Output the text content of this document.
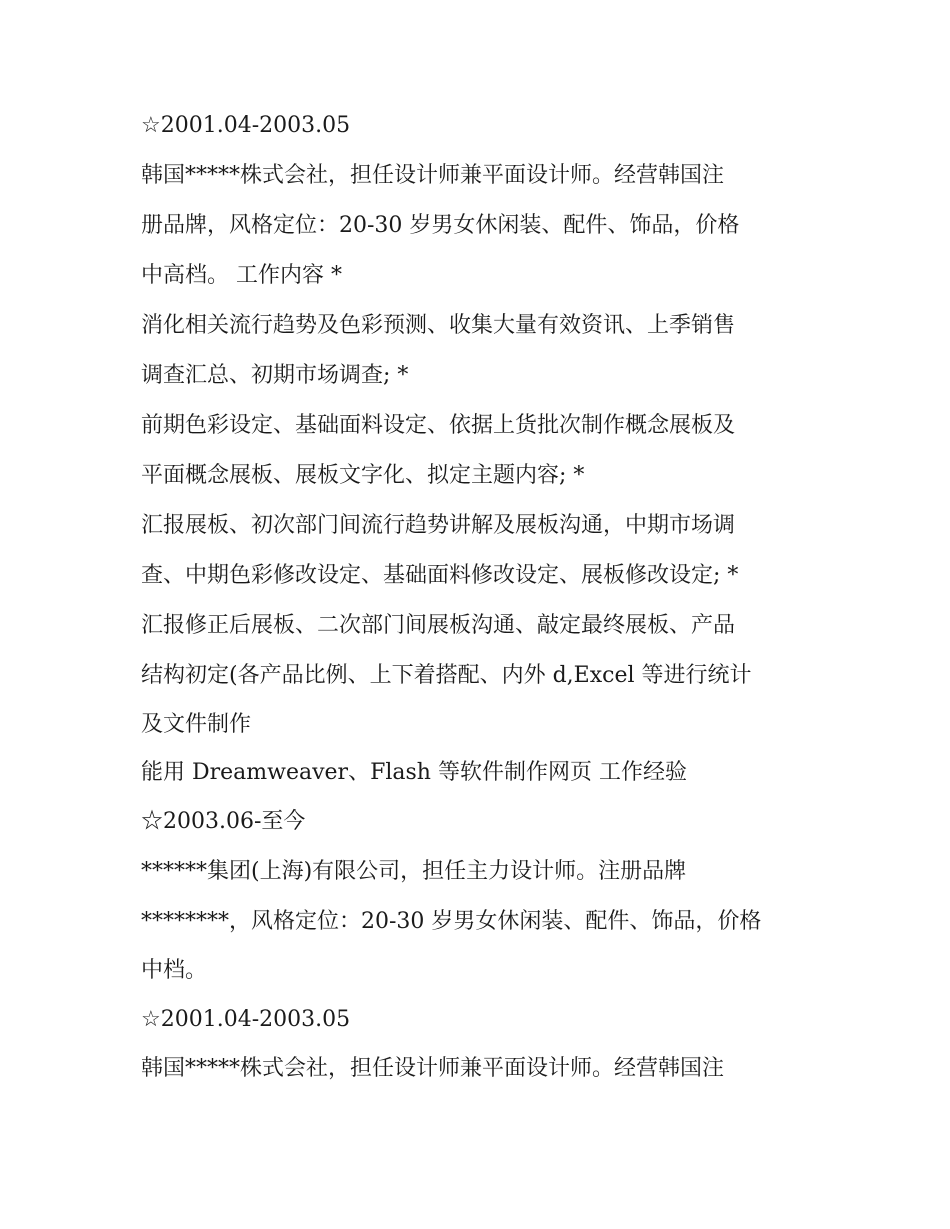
☆2001.04-2003.05
韩国*****株式会社，担任设计师兼平面设计师。经营韩国注
册品牌，风格定位：20-30 岁男女休闲装、配件、饰品，价格
中高档。 工作内容 *
消化相关流行趋势及色彩预测、收集大量有效资讯、上季销售
调查汇总、初期市场调查; *
前期色彩设定、基础面料设定、依据上货批次制作概念展板及
平面概念展板、展板文字化、拟定主题内容; *
汇报展板、初次部门间流行趋势讲解及展板沟通，中期市场调
查、中期色彩修改设定、基础面料修改设定、展板修改设定; *
汇报修正后展板、二次部门间展板沟通、敲定最终展板、产品
结构初定(各产品比例、上下着搭配、内外 d,Excel 等进行统计
及文件制作
能用 Dreamweaver、Flash 等软件制作网页 工作经验
☆2003.06-至今
******集团(上海)有限公司，担任主力设计师。注册品牌
********，风格定位：20-30 岁男女休闲装、配件、饰品，价格
中档。
☆2001.04-2003.05
韩国*****株式会社，担任设计师兼平面设计师。经营韩国注
